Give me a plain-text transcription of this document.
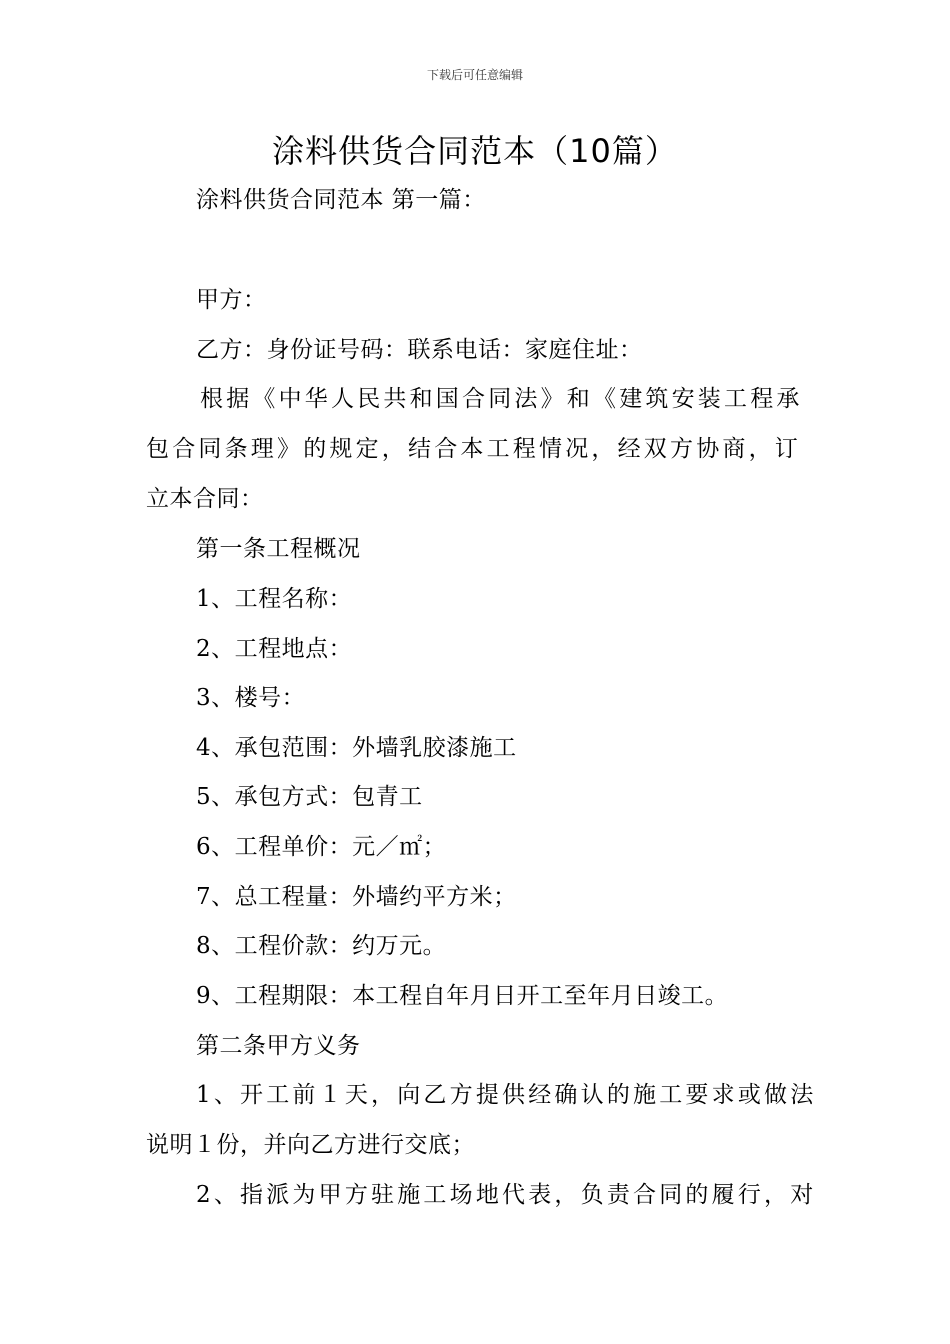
下载后可任意编辑
涂料供货合同范本（10篇）
涂料供货合同范本 第一篇：
甲方：
乙方：身份证号码：联系电话：家庭住址：
根据《中华人民共和国合同法》和《建筑安装工程承
包合同条理》的规定，结合本工程情况，经双方协商，订
立本合同：
第一条工程概况
1、工程名称：
2、工程地点：
3、楼号：
4、承包范围：外墙乳胶漆施工
5、承包方式：包青工
6、工程单价：元／㎡；
7、总工程量：外墙约平方米；
8、工程价款：约万元。
9、工程期限：本工程自年月日开工至年月日竣工。
第二条甲方义务
1、开工前１天，向乙方提供经确认的施工要求或做法
说明１份，并向乙方进行交底；
2、指派为甲方驻施工场地代表，负责合同的履行，对
